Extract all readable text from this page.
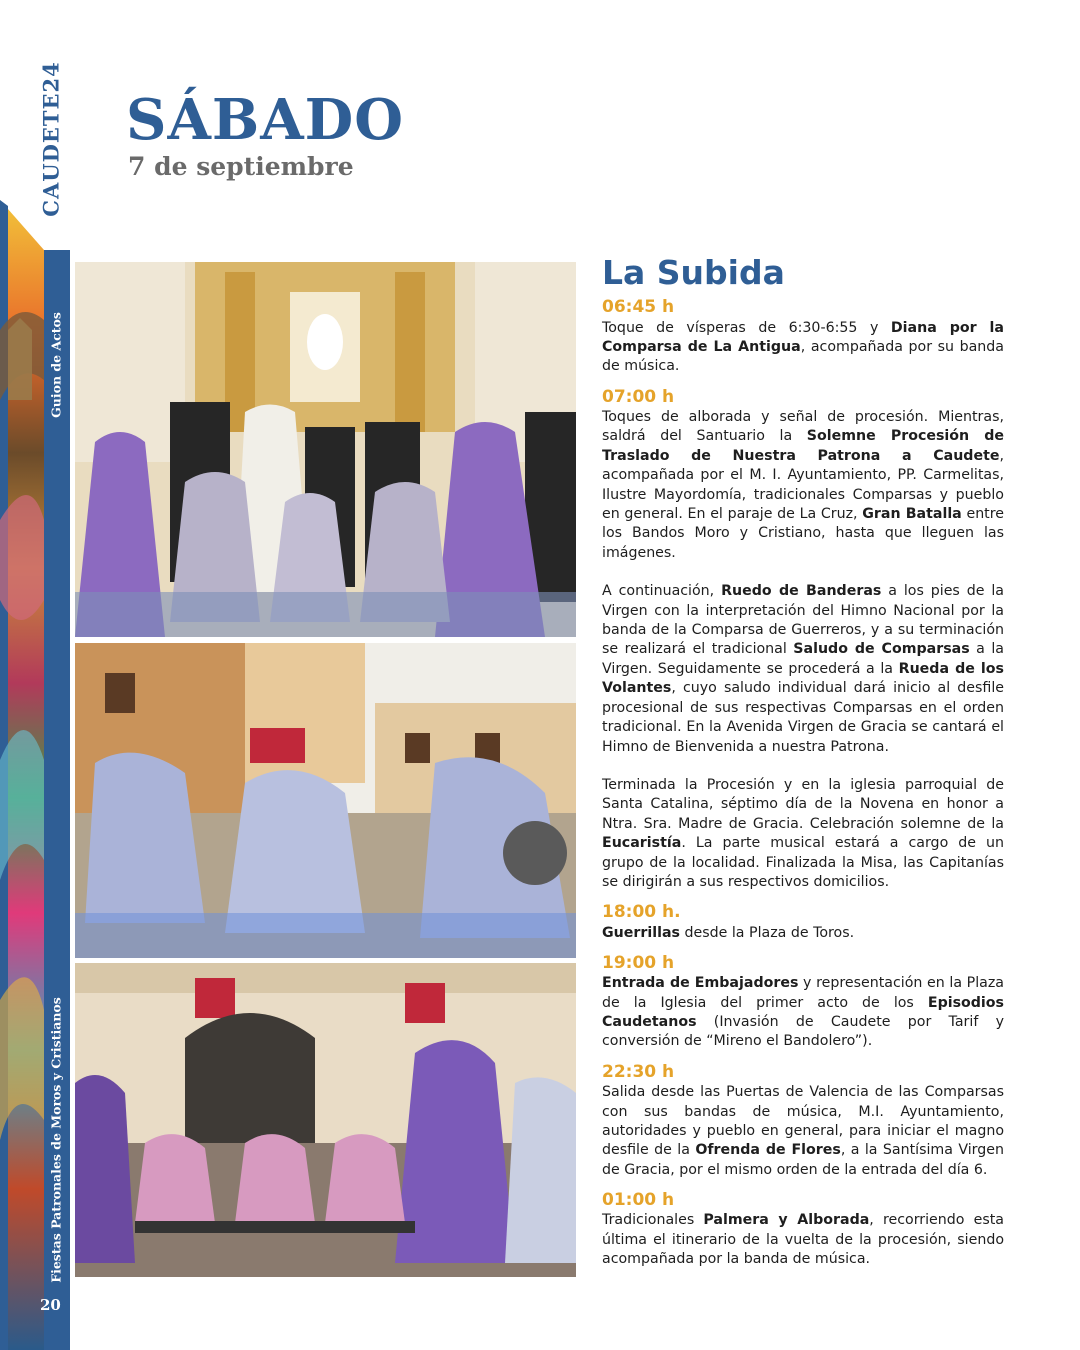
Guion de Actos
Fiestas Patronales de Moros y Cristianos
20
CAUDETE24 SÁBADO
7 de septiembre
La Subida

06:45 h

Toque de vísperas de 6:30-6:55 y Diana por la Comparsa de La Antigua, acompañada por su banda de música.

07:00 h

Toques de alborada y señal de procesión. Mientras, saldrá del Santuario la Solemne Procesión de Traslado de Nuestra Patrona a Caudete, acompañada por el M. I. Ayuntamiento, PP. Carmelitas, Ilustre Mayordomía, tradicionales Comparsas y pueblo en general. En el paraje de La Cruz, Gran Batalla entre los Bandos Moro y Cristiano, hasta que lleguen las imágenes.

A continuación, Ruedo de Banderas a los pies de la Virgen con la interpretación del Himno Nacional por la banda de la Comparsa de Guerreros, y a su terminación se realizará el tradicional Saludo de Comparsas a la Virgen. Seguidamente se procederá a la Rueda de los Volantes, cuyo saludo individual dará inicio al desfile procesional de sus respectivas Comparsas en el orden tradicional. En la Avenida Virgen de Gracia se cantará el Himno de Bienvenida a nuestra Patrona.

Terminada la Procesión y en la iglesia parroquial de Santa Catalina, séptimo día de la Novena en honor a Ntra. Sra. Madre de Gracia. Celebración solemne de la Eucaristía. La parte musical estará a cargo de un grupo de la localidad. Finalizada la Misa, las Capitanías se dirigirán a sus respectivos domicilios.

18:00 h.

Guerrillas desde la Plaza de Toros.

19:00 h

Entrada de Embajadores y representación en la Plaza de la Iglesia del primer acto de los Episodios Caudetanos (Invasión de Caudete por Tarif y conversión de “Mireno el Bandolero”).

22:30 h

Salida desde las Puertas de Valencia de las Comparsas con sus bandas de música, M.I. Ayuntamiento, autoridades y pueblo en general, para iniciar el magno desfile de la Ofrenda de Flores, a la Santísima Virgen de Gracia, por el mismo orden de la entrada del día 6.

01:00 h

Tradicionales Palmera y Alborada, recorriendo esta última el itinerario de la vuelta de la procesión, siendo acompañada por la banda de música.
